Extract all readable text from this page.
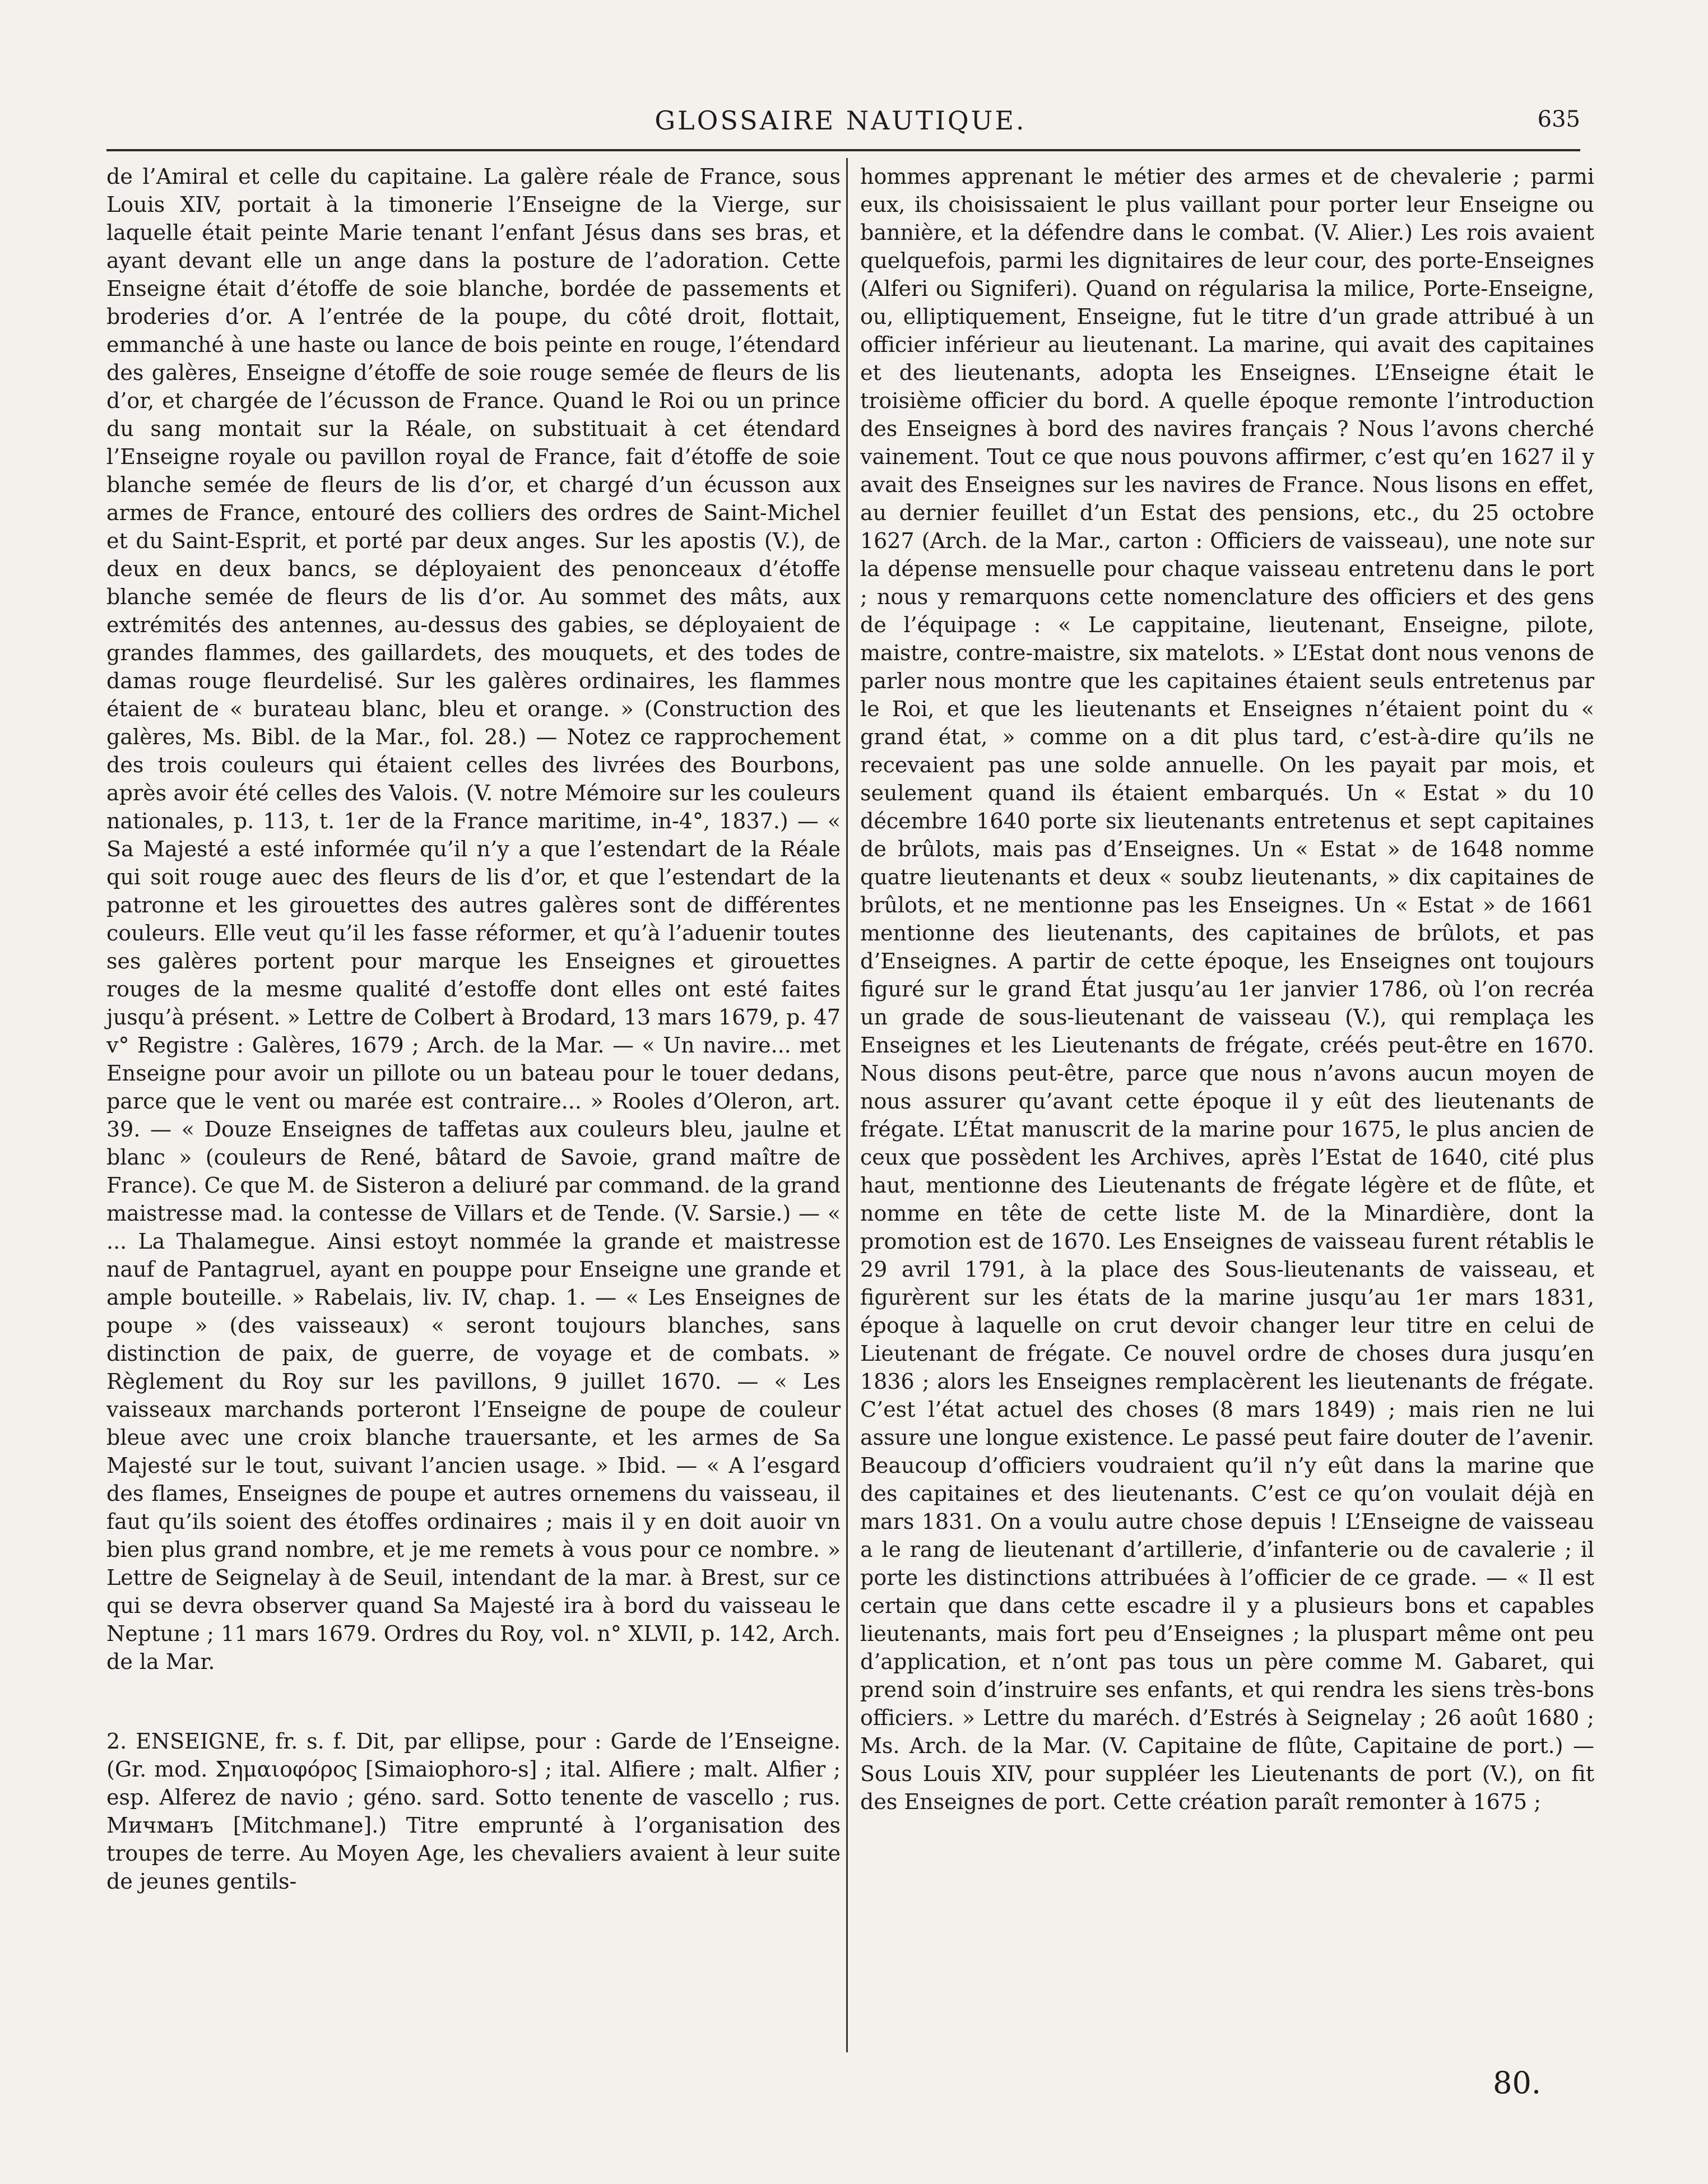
GLOSSAIRE NAUTIQUE.	635

de l’Amiral et celle du capitaine. La galère réale de France, sous Louis XIV, portait à la timonerie l’Enseigne de la Vierge, sur laquelle était peinte Marie tenant l’enfant Jésus dans ses bras, et ayant devant elle un ange dans la posture de l’adoration. Cette Enseigne était d’étoffe de soie blanche, bordée de passements et broderies d’or. A l’entrée de la poupe, du côté droit, flottait, emmanché à une haste ou lance de bois peinte en rouge, l’étendard des galères, Enseigne d’étoffe de soie rouge semée de fleurs de lis d’or, et chargée de l’écusson de France. Quand le Roi ou un prince du sang montait sur la Réale, on substituait à cet étendard l’Enseigne royale ou pavillon royal de France, fait d’étoffe de soie blanche semée de fleurs de lis d’or, et chargé d’un écusson aux armes de France, entouré des colliers des ordres de Saint-Michel et du Saint-Esprit, et porté par deux anges. Sur les apostis (V.), de deux en deux bancs, se déployaient des penonceaux d’étoffe blanche semée de fleurs de lis d’or. Au sommet des mâts, aux extrémités des antennes, au-dessus des gabies, se déployaient de grandes flammes, des gaillardets, des mouquets, et des todes de damas rouge fleurdelisé. Sur les galères ordinaires, les flammes étaient de « burateau blanc, bleu et orange. » (Construction des galères, Ms. Bibl. de la Mar., fol. 28.) — Notez ce rapprochement des trois couleurs qui étaient celles des livrées des Bourbons, après avoir été celles des Valois. (V. notre Mémoire sur les couleurs nationales, p. 113, t. 1er de la France maritime, in-4°, 1837.) — « Sa Majesté a esté informée qu’il n’y a que l’estendart de la Réale qui soit rouge auec des fleurs de lis d’or, et que l’estendart de la patronne et les girouettes des autres galères sont de différentes couleurs. Elle veut qu’il les fasse réformer, et qu’à l’aduenir toutes ses galères portent pour marque les Enseignes et girouettes rouges de la mesme qualité d’estoffe dont elles ont esté faites jusqu’à présent. » Lettre de Colbert à Brodard, 13 mars 1679, p. 47 v° Registre : Galères, 1679 ; Arch. de la Mar. — « Un navire... met Enseigne pour avoir un pillote ou un bateau pour le touer dedans, parce que le vent ou marée est contraire... » Rooles d’Oleron, art. 39. — « Douze Enseignes de taffetas aux couleurs bleu, jaulne et blanc » (couleurs de René, bâtard de Savoie, grand maître de France). Ce que M. de Sisteron a deliuré par command. de la grand maistresse mad. la contesse de Villars et de Tende. (V. Sarsie.) — « ... La Thalamegue. Ainsi estoyt nommée la grande et maistresse nauf de Pantagruel, ayant en pouppe pour Enseigne une grande et ample bouteille. » Rabelais, liv. IV, chap. 1. — « Les Enseignes de poupe » (des vaisseaux) « seront toujours blanches, sans distinction de paix, de guerre, de voyage et de combats. » Règlement du Roy sur les pavillons, 9 juillet 1670. — « Les vaisseaux marchands porteront l’Enseigne de poupe de couleur bleue avec une croix blanche trauersante, et les armes de Sa Majesté sur le tout, suivant l’ancien usage. » Ibid. — « A l’esgard des flames, Enseignes de poupe et autres ornemens du vaisseau, il faut qu’ils soient des étoffes ordinaires ; mais il y en doit auoir vn bien plus grand nombre, et je me remets à vous pour ce nombre. » Lettre de Seignelay à de Seuil, intendant de la mar. à Brest, sur ce qui se devra observer quand Sa Majesté ira à bord du vaisseau le Neptune ; 11 mars 1679. Ordres du Roy, vol. n° XLVII, p. 142, Arch. de la Mar.

2. ENSEIGNE, fr. s. f. Dit, par ellipse, pour : Garde de l’Enseigne. (Gr. mod. Σημαιοφόρος [Simaiophoro-s] ; ital. Alfiere ; malt. Alfier ; esp. Alferez de navio ; géno. sard. Sotto tenente de vascello ; rus. Мичманъ [Mitchmane].) Titre emprunté à l’organisation des troupes de terre. Au Moyen Age, les chevaliers avaient à leur suite de jeunes gentils-

hommes apprenant le métier des armes et de chevalerie ; parmi eux, ils choisissaient le plus vaillant pour porter leur Enseigne ou bannière, et la défendre dans le combat. (V. Alier.) Les rois avaient quelquefois, parmi les dignitaires de leur cour, des porte-Enseignes (Alferi ou Signiferi). Quand on régularisa la milice, Porte-Enseigne, ou, elliptiquement, Enseigne, fut le titre d’un grade attribué à un officier inférieur au lieutenant. La marine, qui avait des capitaines et des lieutenants, adopta les Enseignes. L’Enseigne était le troisième officier du bord. A quelle époque remonte l’introduction des Enseignes à bord des navires français ? Nous l’avons cherché vainement. Tout ce que nous pouvons affirmer, c’est qu’en 1627 il y avait des Enseignes sur les navires de France. Nous lisons en effet, au dernier feuillet d’un Estat des pensions, etc., du 25 octobre 1627 (Arch. de la Mar., carton : Officiers de vaisseau), une note sur la dépense mensuelle pour chaque vaisseau entretenu dans le port ; nous y remarquons cette nomenclature des officiers et des gens de l’équipage : « Le cappitaine, lieutenant, Enseigne, pilote, maistre, contre-maistre, six matelots. » L’Estat dont nous venons de parler nous montre que les capitaines étaient seuls entretenus par le Roi, et que les lieutenants et Enseignes n’étaient point du « grand état, » comme on a dit plus tard, c’est-à-dire qu’ils ne recevaient pas une solde annuelle. On les payait par mois, et seulement quand ils étaient embarqués. Un « Estat » du 10 décembre 1640 porte six lieutenants entretenus et sept capitaines de brûlots, mais pas d’Enseignes. Un « Estat » de 1648 nomme quatre lieutenants et deux « soubz lieutenants, » dix capitaines de brûlots, et ne mentionne pas les Enseignes. Un « Estat » de 1661 mentionne des lieutenants, des capitaines de brûlots, et pas d’Enseignes. A partir de cette époque, les Enseignes ont toujours figuré sur le grand État jusqu’au 1er janvier 1786, où l’on recréa un grade de sous-lieutenant de vaisseau (V.), qui remplaça les Enseignes et les Lieutenants de frégate, créés peut-être en 1670. Nous disons peut-être, parce que nous n’avons aucun moyen de nous assurer qu’avant cette époque il y eût des lieutenants de frégate. L’État manuscrit de la marine pour 1675, le plus ancien de ceux que possèdent les Archives, après l’Estat de 1640, cité plus haut, mentionne des Lieutenants de frégate légère et de flûte, et nomme en tête de cette liste M. de la Minardière, dont la promotion est de 1670. Les Enseignes de vaisseau furent rétablis le 29 avril 1791, à la place des Sous-lieutenants de vaisseau, et figurèrent sur les états de la marine jusqu’au 1er mars 1831, époque à laquelle on crut devoir changer leur titre en celui de Lieutenant de frégate. Ce nouvel ordre de choses dura jusqu’en 1836 ; alors les Enseignes remplacèrent les lieutenants de frégate. C’est l’état actuel des choses (8 mars 1849) ; mais rien ne lui assure une longue existence. Le passé peut faire douter de l’avenir. Beaucoup d’officiers voudraient qu’il n’y eût dans la marine que des capitaines et des lieutenants. C’est ce qu’on voulait déjà en mars 1831. On a voulu autre chose depuis ! L’Enseigne de vaisseau a le rang de lieutenant d’artillerie, d’infanterie ou de cavalerie ; il porte les distinctions attribuées à l’officier de ce grade. — « Il est certain que dans cette escadre il y a plusieurs bons et capables lieutenants, mais fort peu d’Enseignes ; la pluspart même ont peu d’application, et n’ont pas tous un père comme M. Gabaret, qui prend soin d’instruire ses enfants, et qui rendra les siens très-bons officiers. » Lettre du maréch. d’Estrés à Seignelay ; 26 août 1680 ; Ms. Arch. de la Mar. (V. Capitaine de flûte, Capitaine de port.) — Sous Louis XIV, pour suppléer les Lieutenants de port (V.), on fit des Enseignes de port. Cette création paraît remonter à 1675 ;

80.
